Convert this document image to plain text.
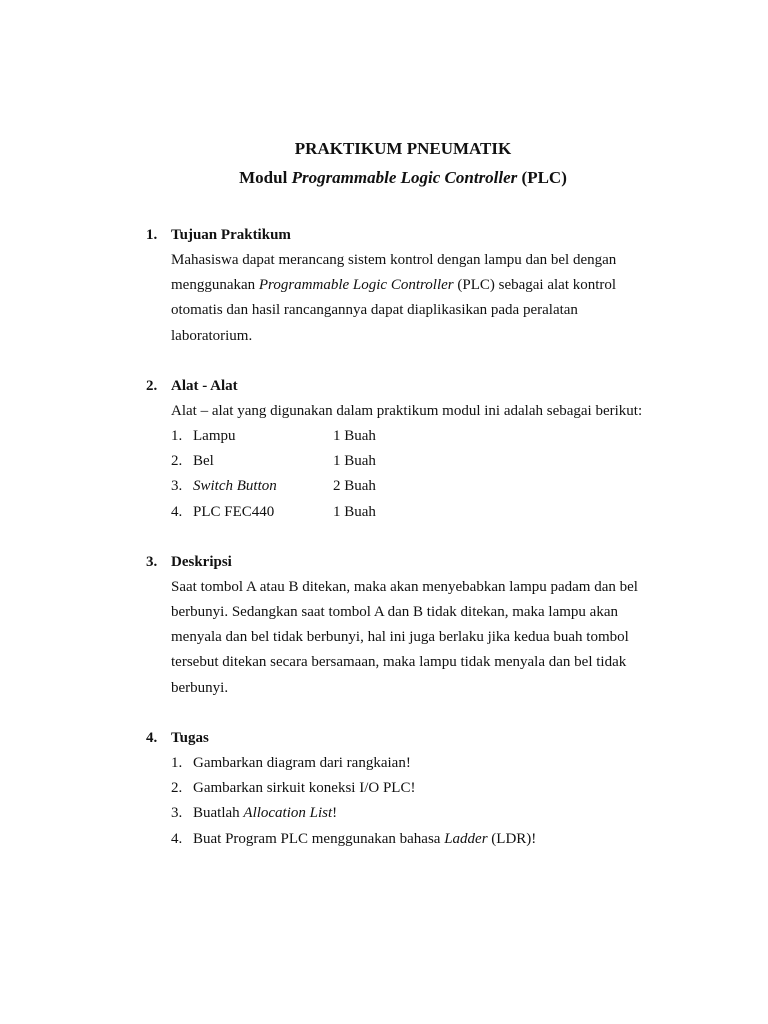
PRAKTIKUM PNEUMATIK
Modul Programmable Logic Controller (PLC)
1. Tujuan Praktikum
Mahasiswa dapat merancang sistem kontrol dengan lampu dan bel dengan
menggunakan Programmable Logic Controller (PLC) sebagai alat kontrol
otomatis dan hasil rancangannya dapat diaplikasikan pada peralatan
laboratorium.
2. Alat - Alat
Alat – alat yang digunakan dalam praktikum modul ini adalah sebagai berikut:
1. Lampu	1 Buah
2. Bel	1 Buah
3. Switch Button	2 Buah
4. PLC FEC440	1 Buah
3. Deskripsi
Saat tombol A atau B ditekan, maka akan menyebabkan lampu padam dan bel
berbunyi. Sedangkan saat tombol A dan B tidak ditekan, maka lampu akan
menyala dan bel tidak berbunyi, hal ini juga berlaku jika kedua buah tombol
tersebut ditekan secara bersamaan, maka lampu tidak menyala dan bel tidak
berbunyi.
4. Tugas
1. Gambarkan diagram dari rangkaian!
2. Gambarkan sirkuit koneksi I/O PLC!
3. Buatlah Allocation List!
4. Buat Program PLC menggunakan bahasa Ladder (LDR)!
